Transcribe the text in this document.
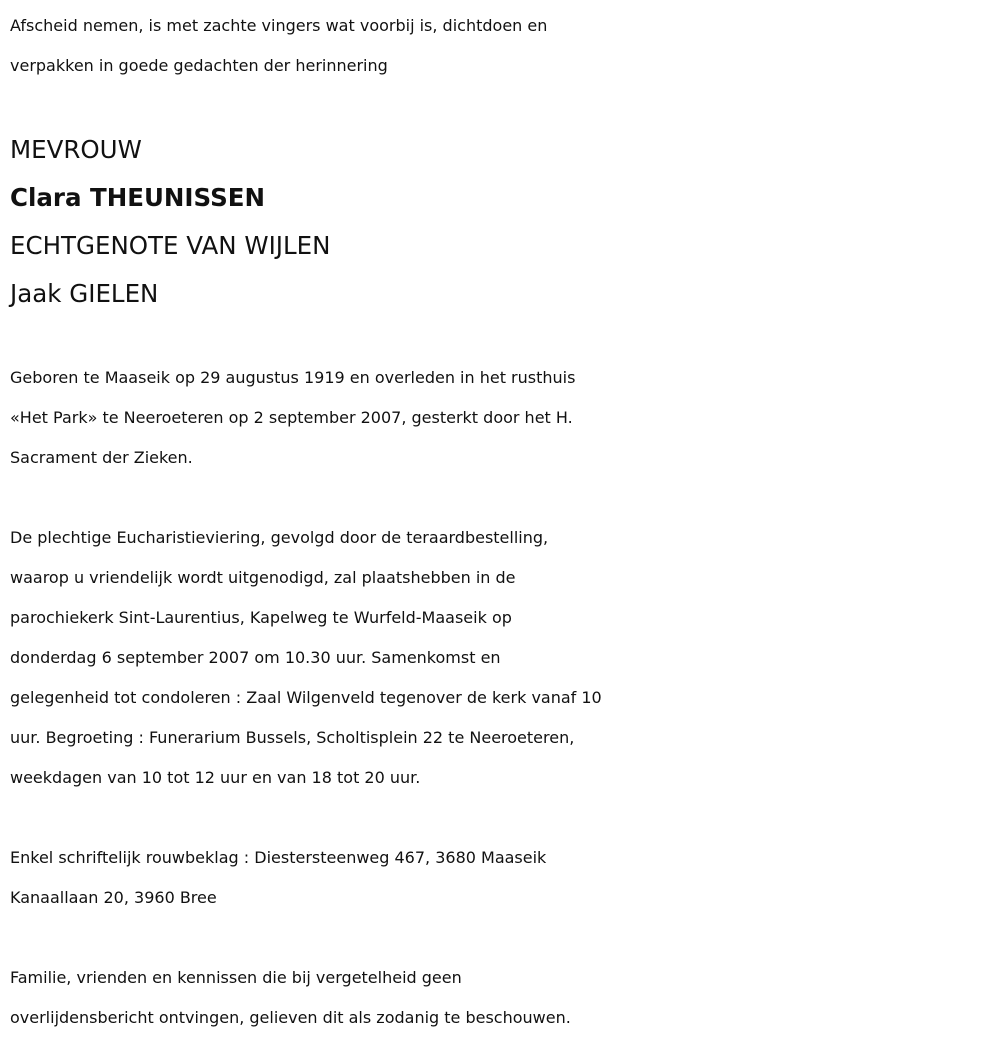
Afscheid nemen, is met zachte vingers wat voorbij is, dichtdoen en
verpakken in goede gedachten der herinnering

MEVROUW

Clara THEUNISSEN

ECHTGENOTE VAN WIJLEN

Jaak GIELEN

Geboren te Maaseik op 29 augustus 1919 en overleden in het rusthuis
«Het Park» te Neeroeteren op 2 september 2007, gesterkt door het H.
Sacrament der Zieken.

De plechtige Eucharistieviering, gevolgd door de teraardbestelling,
waarop u vriendelijk wordt uitgenodigd, zal plaatshebben in de
parochiekerk Sint-Laurentius, Kapelweg te Wurfeld-Maaseik op
donderdag 6 september 2007 om 10.30 uur. Samenkomst en
gelegenheid tot condoleren : Zaal Wilgenveld tegenover de kerk vanaf 10
uur. Begroeting : Funerarium Bussels, Scholtisplein 22 te Neeroeteren,
weekdagen van 10 tot 12 uur en van 18 tot 20 uur.

Enkel schriftelijk rouwbeklag : Diestersteenweg 467, 3680 Maaseik
Kanaallaan 20, 3960 Bree

Familie, vrienden en kennissen die bij vergetelheid geen
overlijdensbericht ontvingen, gelieven dit als zodanig te beschouwen.
